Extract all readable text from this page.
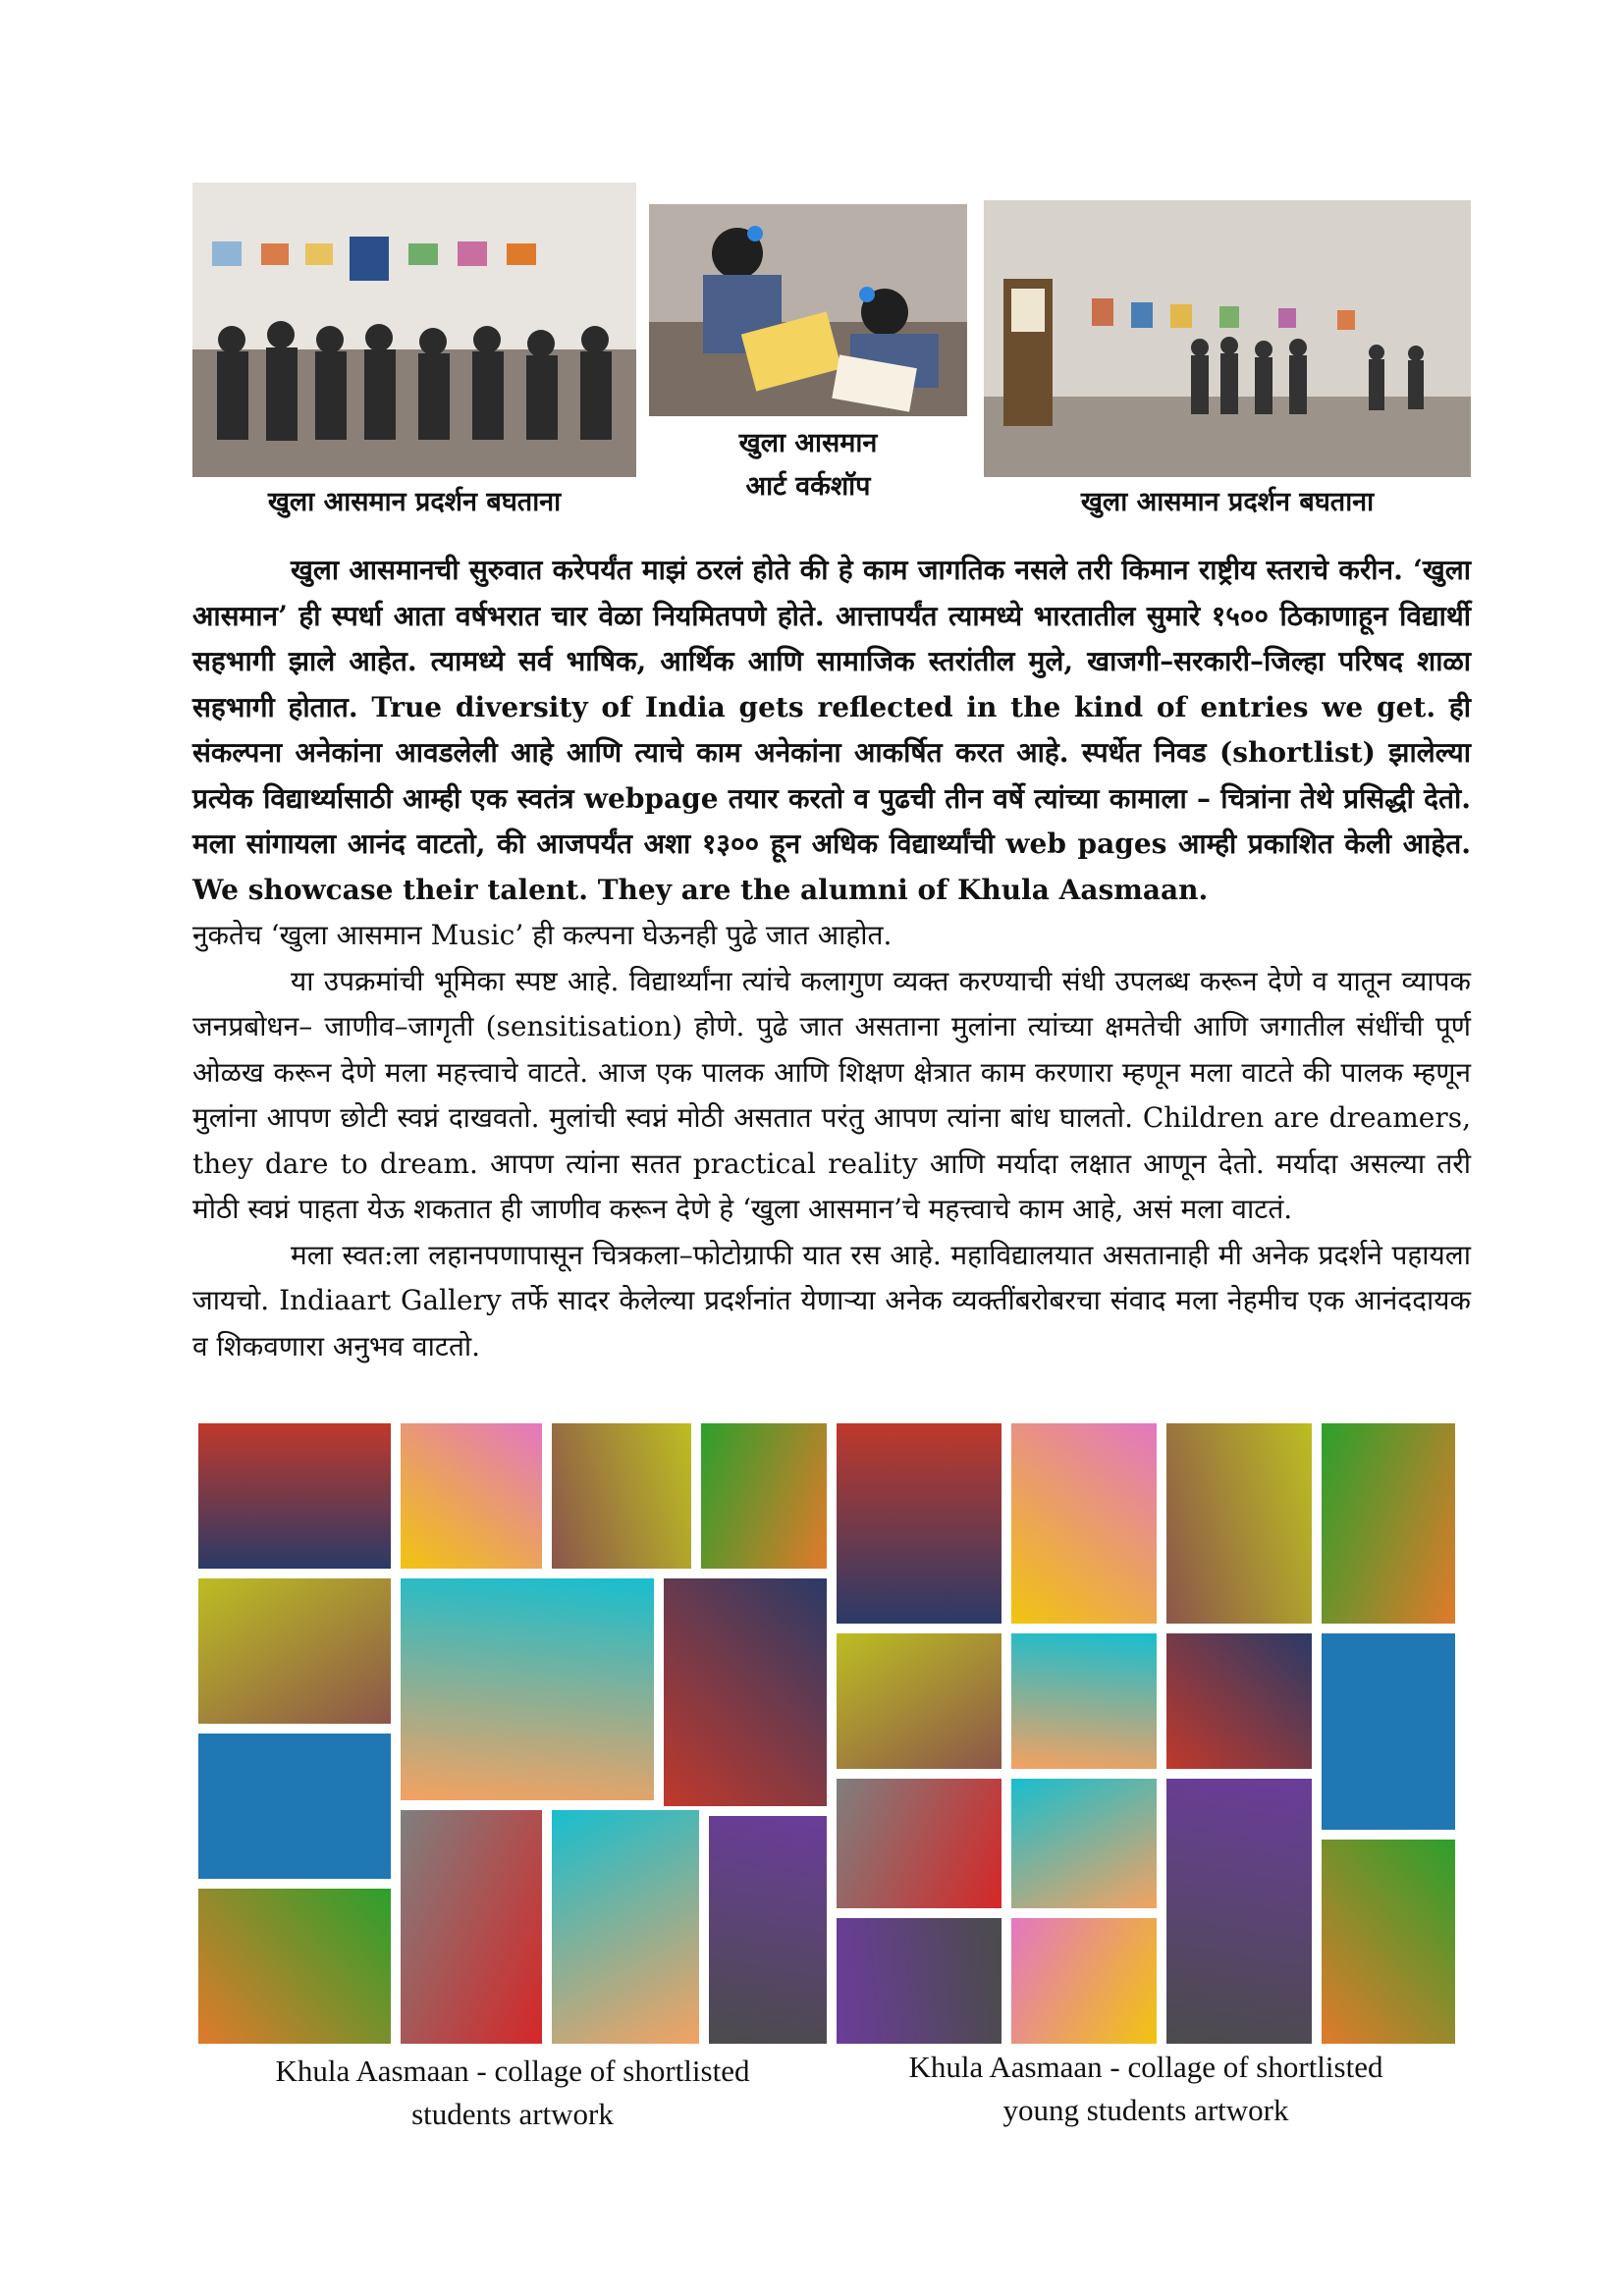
खुला आसमान प्रदर्शन बघताना
खुला आसमान
आर्ट वर्कशॉप
खुला आसमान प्रदर्शन बघताना

खुला आसमानची सुरुवात करेपर्यंत माझं ठरलं होते की हे काम जागतिक नसले तरी किमान राष्ट्रीय स्तराचे करीन. ‘खुला आसमान’ ही स्पर्धा आता वर्षभरात चार वेळा नियमितपणे होते. आत्तापर्यंत त्यामध्ये भारतातील सुमारे १५०० ठिकाणाहून विद्यार्थी सहभागी झाले आहेत. त्यामध्ये सर्व भाषिक, आर्थिक आणि सामाजिक स्तरांतील मुले, खाजगी–सरकारी–जिल्हा परिषद शाळा सहभागी होतात. True diversity of India gets reflected in the kind of entries we get. ही संकल्पना अनेकांना आवडलेली आहे आणि त्याचे काम अनेकांना आकर्षित करत आहे. स्पर्धेत निवड (shortlist) झालेल्या प्रत्येक विद्यार्थ्यासाठी आम्ही एक स्वतंत्र webpage तयार करतो व पुढची तीन वर्षे त्यांच्या कामाला – चित्रांना तेथे प्रसिद्धी देतो. मला सांगायला आनंद वाटतो, की आजपर्यंत अशा १३०० हून अधिक विद्यार्थ्यांची web pages आम्ही प्रकाशित केली आहेत. We showcase their talent. They are the alumni of Khula Aasmaan.

नुकतेच ‘खुला आसमान Music’ ही कल्पना घेऊनही पुढे जात आहोत.

या उपक्रमांची भूमिका स्पष्ट आहे. विद्यार्थ्यांना त्यांचे कलागुण व्यक्त करण्याची संधी उपलब्ध करून देणे व यातून व्यापक जनप्रबोधन– जाणीव–जागृती (sensitisation) होणे. पुढे जात असताना मुलांना त्यांच्या क्षमतेची आणि जगातील संधींची पूर्ण ओळख करून देणे मला महत्त्वाचे वाटते. आज एक पालक आणि शिक्षण क्षेत्रात काम करणारा म्हणून मला वाटते की पालक म्हणून मुलांना आपण छोटी स्वप्नं दाखवतो. मुलांची स्वप्नं मोठी असतात परंतु आपण त्यांना बांध घालतो. Children are dreamers, they dare to dream. आपण त्यांना सतत practical reality आणि मर्यादा लक्षात आणून देतो. मर्यादा असल्या तरी मोठी स्वप्नं पाहता येऊ शकतात ही जाणीव करून देणे हे ‘खुला आसमान’चे महत्त्वाचे काम आहे, असं मला वाटतं.

मला स्वत:ला लहानपणापासून चित्रकला–फोटोग्राफी यात रस आहे. महाविद्यालयात असतानाही मी अनेक प्रदर्शने पहायला जायचो. Indiaart Gallery तर्फे सादर केलेल्या प्रदर्शनांत येणाऱ्या अनेक व्यक्तींबरोबरचा संवाद मला नेहमीच एक आनंददायक व शिकवणारा अनुभव वाटतो.

Khula Aasmaan - collage of shortlisted
students artwork
Khula Aasmaan - collage of shortlisted
young students artwork
